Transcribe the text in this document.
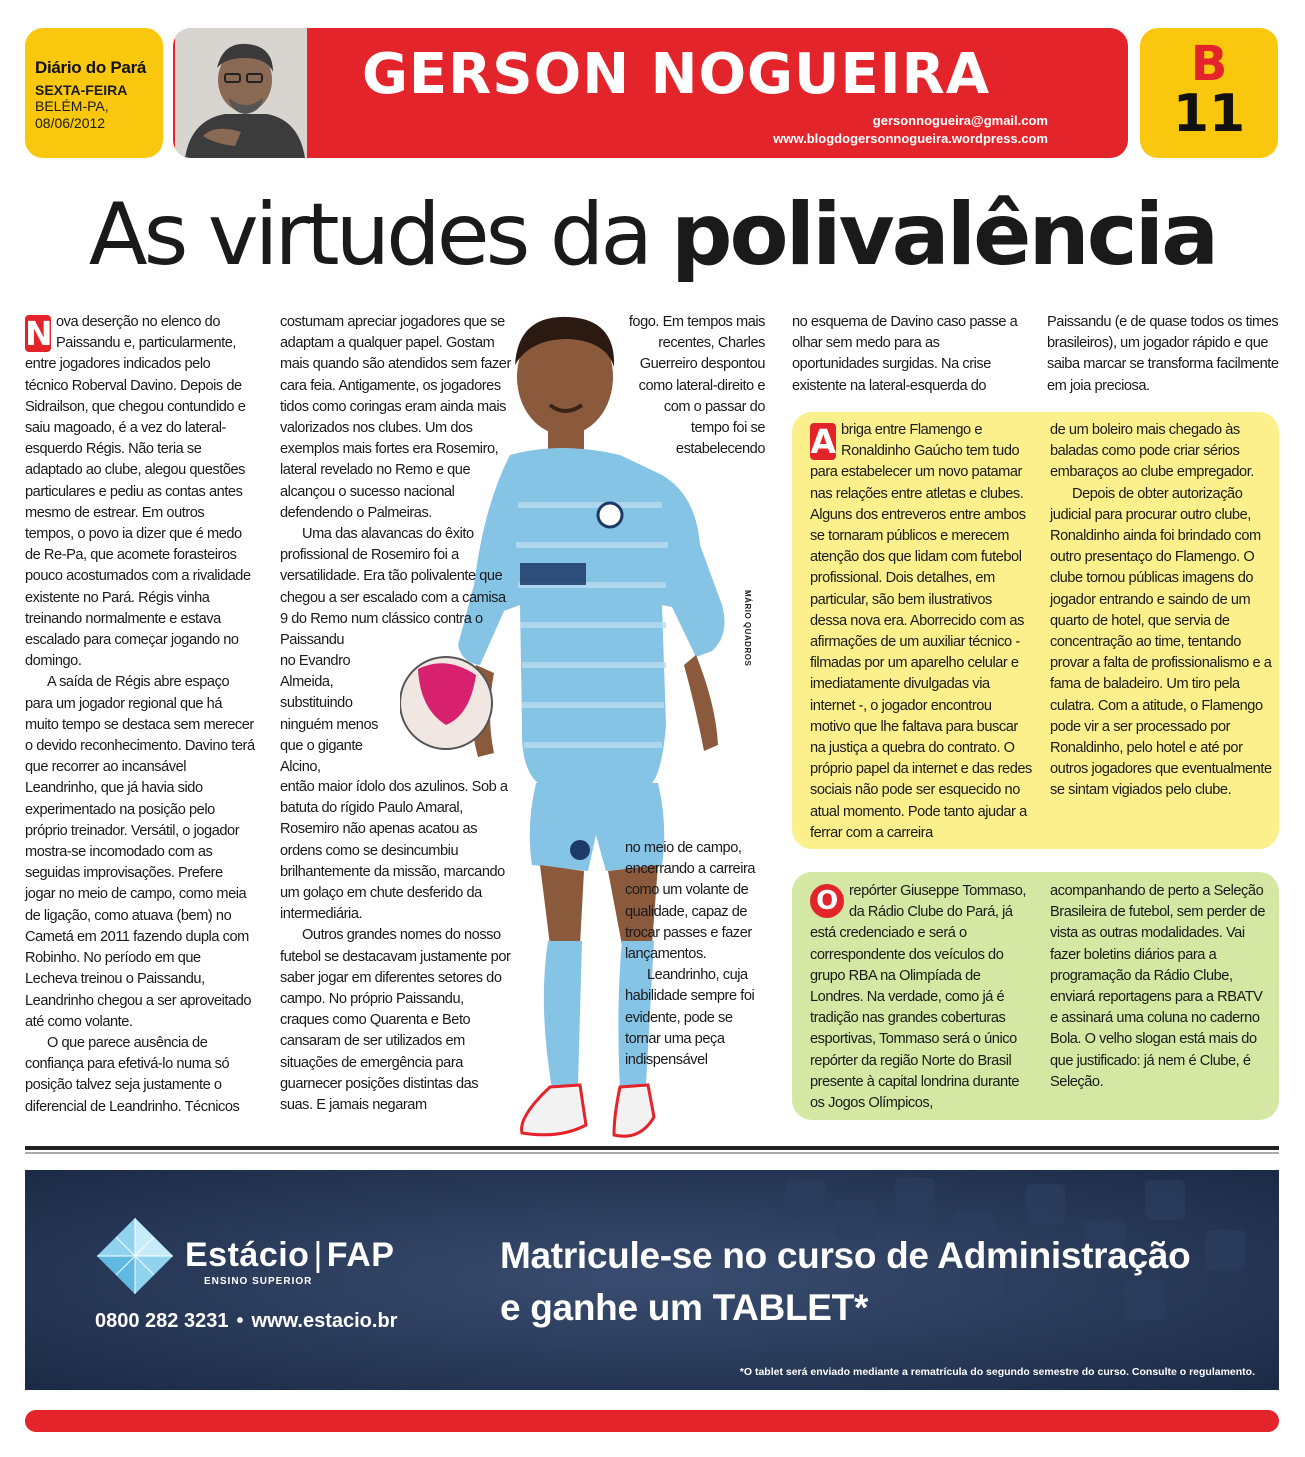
Diário do Pará
SEXTA-FEIRA
BELÉM-PA,
08/06/2012
GERSON NOGUEIRA
gersonnogueira@gmail.com
www.blogdogersonnogueira.wordpress.com
B
11
As virtudes da polivalência
MÁRIO QUADROS

N ova deserção no elenco do Paissandu e, particularmente, entre jogadores indicados pelo técnico Roberval Davino. Depois de Sidrailson, que chegou contundido e saiu magoado, é a vez do lateral-esquerdo Régis. Não teria se adaptado ao clube, alegou questões particulares e pediu as contas antes mesmo de estrear. Em outros tempos, o povo ia dizer que é medo de Re-Pa, que acomete forasteiros pouco acostumados com a rivalidade existente no Pará. Régis vinha treinando normalmente e estava escalado para começar jogando no domingo.

A saída de Régis abre espaço para um jogador regional que há muito tempo se destaca sem merecer o devido reconhecimento. Davino terá que recorrer ao incansável Leandrinho, que já havia sido experimentado na posição pelo próprio treinador. Versátil, o jogador mostra-se incomodado com as seguidas improvisações. Prefere jogar no meio de campo, como meia de ligação, como atuava (bem) no Cametá em 2011 fazendo dupla com Robinho. No período em que Lecheva treinou o Paissandu, Leandrinho chegou a ser aproveitado até como volante.

O que parece ausência de confiança para efetivá-lo numa só posição talvez seja justamente o diferencial de Leandrinho. Técnicos

costumam apreciar jogadores que se adaptam a qualquer papel. Gostam mais quando são atendidos sem fazer cara feia. Antigamente, os jogadores tidos como coringas eram ainda mais valorizados nos clubes. Um dos exemplos mais fortes era Rosemiro, lateral revelado no Remo e que alcançou o sucesso nacional defendendo o Palmeiras.

Uma das alavancas do êxito profissional de Rosemiro foi a versatilidade. Era tão polivalente que chegou a ser escalado com a camisa 9 do Remo num clássico contra o Paissandu

no Evandro Almeida, substituindo ninguém menos que o gigante Alcino,

então maior ídolo dos azulinos. Sob a batuta do rígido Paulo Amaral, Rosemiro não apenas acatou as ordens como se desincumbiu brilhantemente da missão, marcando um golaço em chute desferido da intermediária.

Outros grandes nomes do nosso futebol se destacavam justamente por saber jogar em diferentes setores do campo. No próprio Paissandu, craques como Quarenta e Beto cansaram de ser utilizados em situações de emergência para guarnecer posições distintas das suas. E jamais negaram

fogo. Em tempos mais recentes, Charles Guerreiro despontou como lateral-direito e com o passar do tempo foi se estabelecendo

no meio de campo, encerrando a carreira como um volante de qualidade, capaz de trocar passes e fazer lançamentos.

Leandrinho, cuja habilidade sempre foi evidente, pode se tornar uma peça indispensável

no esquema de Davino caso passe a olhar sem medo para as oportunidades surgidas. Na crise existente na lateral-esquerda do

Paissandu (e de quase todos os times brasileiros), um jogador rápido e que saiba marcar se transforma facilmente em joia preciosa.

A briga entre Flamengo e Ronaldinho Gaúcho tem tudo para estabelecer um novo patamar nas relações entre atletas e clubes. Alguns dos entreveros entre ambos se tornaram públicos e merecem atenção dos que lidam com futebol profissional. Dois detalhes, em particular, são bem ilustrativos dessa nova era. Aborrecido com as afirmações de um auxiliar técnico - filmadas por um aparelho celular e imediatamente divulgadas via internet -, o jogador encontrou motivo que lhe faltava para buscar na justiça a quebra do contrato. O próprio papel da internet e das redes sociais não pode ser esquecido no atual momento. Pode tanto ajudar a ferrar com a carreira

de um boleiro mais chegado às baladas como pode criar sérios embaraços ao clube empregador.

Depois de obter autorização judicial para procurar outro clube, Ronaldinho ainda foi brindado com outro presentaço do Flamengo. O clube tornou públicas imagens do jogador entrando e saindo de um quarto de hotel, que servia de concentração ao time, tentando provar a falta de profissionalismo e a fama de baladeiro. Um tiro pela culatra. Com a atitude, o Flamengo pode vir a ser processado por Ronaldinho, pelo hotel e até por outros jogadores que eventualmente se sintam vigiados pelo clube.

O repórter Giuseppe Tommaso, da Rádio Clube do Pará, já está credenciado e será o correspondente dos veículos do grupo RBA na Olimpíada de Londres. Na verdade, como já é tradição nas grandes coberturas esportivas, Tommaso será o único repórter da região Norte do Brasil presente à capital londrina durante os Jogos Olímpicos,

acompanhando de perto a Seleção Brasileira de futebol, sem perder de vista as outras modalidades. Vai fazer boletins diários para a programação da Rádio Clube, enviará reportagens para a RBATV e assinará uma coluna no caderno Bola. O velho slogan está mais do que justificado: já nem é Clube, é Seleção.

Estácio | FAP
ENSINO SUPERIOR
0800 282 3231 • www.estacio.br
Matricule-se no curso de Administração
e ganhe um TABLET*
*O tablet será enviado mediante a rematrícula do segundo semestre do curso. Consulte o regulamento.
